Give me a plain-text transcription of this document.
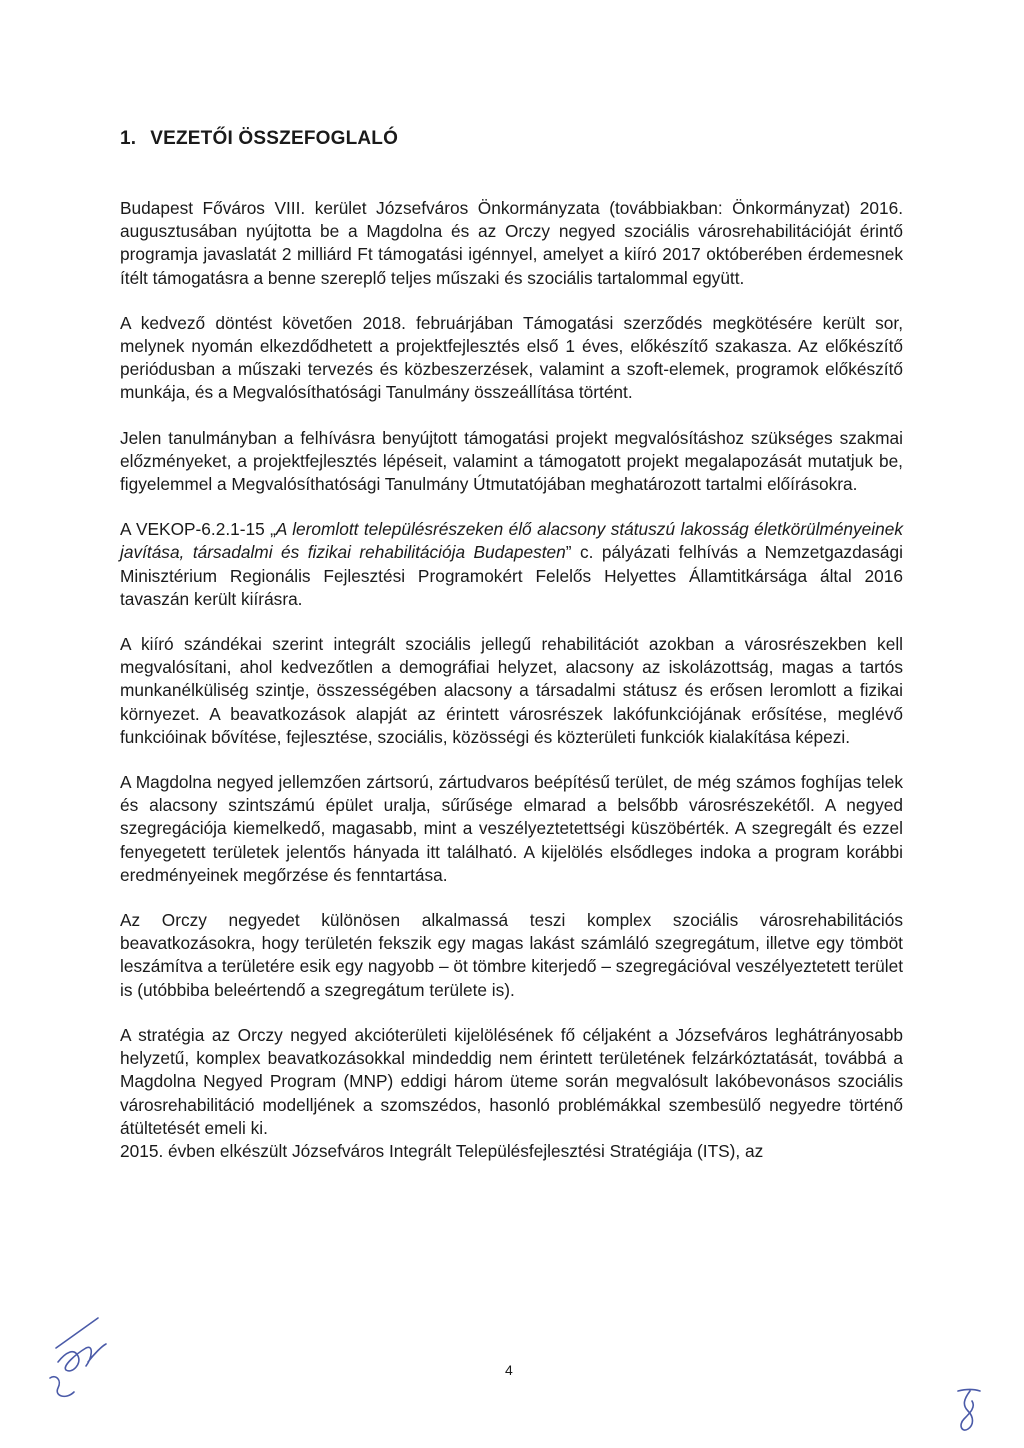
1. VEZETŐI ÖSSZEFOGLALÓ

Budapest Főváros VIII. kerület Józsefváros Önkormányzata (továbbiakban: Önkormányzat) 2016. augusztusában nyújtotta be a Magdolna és az Orczy negyed szociális városrehabilitációját érintő programja javaslatát 2 milliárd Ft támogatási igénnyel, amelyet a kiíró 2017 októberében érdemesnek ítélt támogatásra a benne szereplő teljes műszaki és szociális tartalommal együtt.

A kedvező döntést követően 2018. februárjában Támogatási szerződés megkötésére került sor, melynek nyomán elkezdődhetett a projektfejlesztés első 1 éves, előkészítő szakasza. Az előkészítő periódusban a műszaki tervezés és közbeszerzések, valamint a szoft-elemek, programok előkészítő munkája, és a Megvalósíthatósági Tanulmány összeállítása történt.

Jelen tanulmányban a felhívásra benyújtott támogatási projekt megvalósításhoz szükséges szakmai előzményeket, a projektfejlesztés lépéseit, valamint a támogatott projekt megalapozását mutatjuk be, figyelemmel a Megvalósíthatósági Tanulmány Útmutatójában meghatározott tartalmi előírásokra.

A VEKOP-6.2.1-15 „A leromlott településrészeken élő alacsony státuszú lakosság életkörülményeinek javítása, társadalmi és fizikai rehabilitációja Budapesten” c. pályázati felhívás a Nemzetgazdasági Minisztérium Regionális Fejlesztési Programokért Felelős Helyettes Államtitkársága által 2016 tavaszán került kiírásra.

A kiíró szándékai szerint integrált szociális jellegű rehabilitációt azokban a városrészekben kell megvalósítani, ahol kedvezőtlen a demográfiai helyzet, alacsony az iskolázottság, magas a tartós munkanélküliség szintje, összességében alacsony a társadalmi státusz és erősen leromlott a fizikai környezet. A beavatkozások alapját az érintett városrészek lakófunkciójának erősítése, meglévő funkcióinak bővítése, fejlesztése, szociális, közösségi és közterületi funkciók kialakítása képezi.

A Magdolna negyed jellemzően zártsorú, zártudvaros beépítésű terület, de még számos foghíjas telek és alacsony szintszámú épület uralja, sűrűsége elmarad a belsőbb városrészekétől. A negyed szegregációja kiemelkedő, magasabb, mint a veszélyeztetettségi küszöbérték. A szegregált és ezzel fenyegetett területek jelentős hányada itt található. A kijelölés elsődleges indoka a program korábbi eredményeinek megőrzése és fenntartása.

Az Orczy negyedet különösen alkalmassá teszi komplex szociális városrehabilitációs beavatkozásokra, hogy területén fekszik egy magas lakást számláló szegregátum, illetve egy tömböt leszámítva a területére esik egy nagyobb – öt tömbre kiterjedő – szegregációval veszélyeztetett terület is (utóbbiba beleértendő a szegregátum területe is).

A stratégia az Orczy negyed akcióterületi kijelölésének fő céljaként a Józsefváros leghátrányosabb helyzetű, komplex beavatkozásokkal mindeddig nem érintett területének felzárkóztatását, továbbá a Magdolna Negyed Program (MNP) eddigi három üteme során megvalósult lakóbevonásos szociális városrehabilitáció modelljének a szomszédos, hasonló problémákkal szembesülő negyedre történő átültetését emeli ki.

2015. évben elkészült Józsefváros Integrált Településfejlesztési Stratégiája (ITS), az

4
